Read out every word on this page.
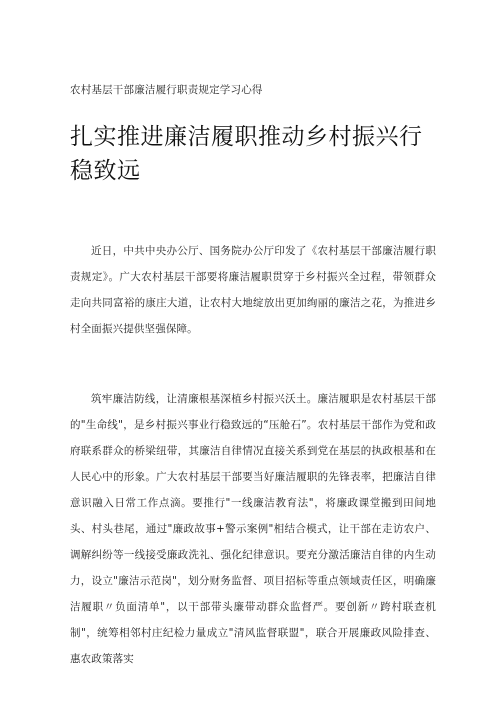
农村基层干部廉洁履行职责规定学习心得
扎实推进廉洁履职推动乡村振兴行稳致远

近日，中共中央办公厅、国务院办公厅印发了《农村基层干部廉洁履行职责规定》。广大农村基层干部要将廉洁履职贯穿于乡村振兴全过程，带领群众走向共同富裕的康庄大道，让农村大地绽放出更加绚丽的廉洁之花，为推进乡村全面振兴提供坚强保障。

筑牢廉洁防线，让清廉根基深植乡村振兴沃土。廉洁履职是农村基层干部的"生命线"，是乡村振兴事业行稳致远的“压舱石”。农村基层干部作为党和政府联系群众的桥梁纽带，其廉洁自律情况直接关系到党在基层的执政根基和在人民心中的形象。广大农村基层干部要当好廉洁履职的先锋表率，把廉洁自律意识融入日常工作点滴。要推行"一线廉洁教育法"，将廉政课堂搬到田间地头、村头巷尾，通过"廉政故事+警示案例"相结合模式，让干部在走访农户、调解纠纷等一线接受廉政洗礼、强化纪律意识。要充分激活廉洁自律的内生动力，设立"廉洁示范岗"，划分财务监督、项目招标等重点领域责任区，明确廉洁履职〃负面清单"，以干部带头廉带动群众监督严。要创新〃跨村联查机制"，统筹相邻村庄纪检力量成立"清风监督联盟"，联合开展廉政风险排查、惠农政策落实
